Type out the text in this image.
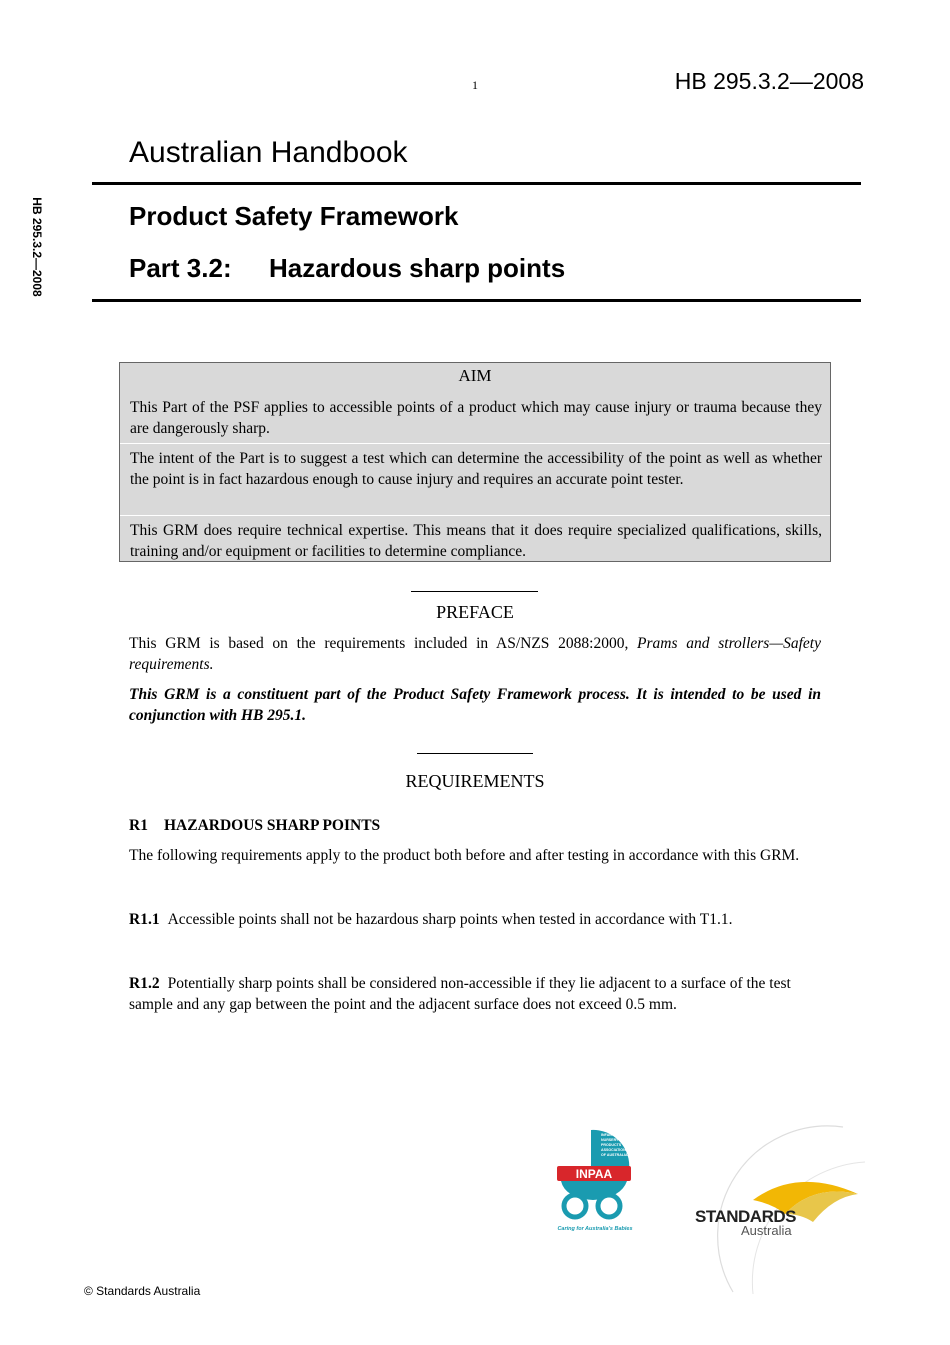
1	HB 295.3.2—2008
HB 295.3.2—2008
Australian Handbook
Product Safety Framework
Part 3.2: Hazardous sharp points
AIM
This Part of the PSF applies to accessible points of a product which may cause injury or trauma because they are dangerously sharp.
The intent of the Part is to suggest a test which can determine the accessibility of the point as well as whether the point is in fact hazardous enough to cause injury and requires an accurate point tester.
This GRM does require technical expertise. This means that it does require specialized qualifications, skills, training and/or equipment or facilities to determine compliance.
PREFACE
This GRM is based on the requirements included in AS/NZS 2088:2000, Prams and strollers—Safety requirements.
This GRM is a constituent part of the Product Safety Framework process. It is intended to be used in conjunction with HB 295.1.
REQUIREMENTS
R1 HAZARDOUS SHARP POINTS
The following requirements apply to the product both before and after testing in accordance with this GRM.
R1.1 Accessible points shall not be hazardous sharp points when tested in accordance with T1.1.
R1.2 Potentially sharp points shall be considered non-accessible if they lie adjacent to a surface of the test sample and any gap between the point and the adjacent surface does not exceed 0.5 mm.
INFANT &
NURSERY
PRODUCTS
ASSOCIATION
OF AUSTRALIA
INPAA
Caring for Australia's Babies
STANDARDS
Australia
© Standards Australia
